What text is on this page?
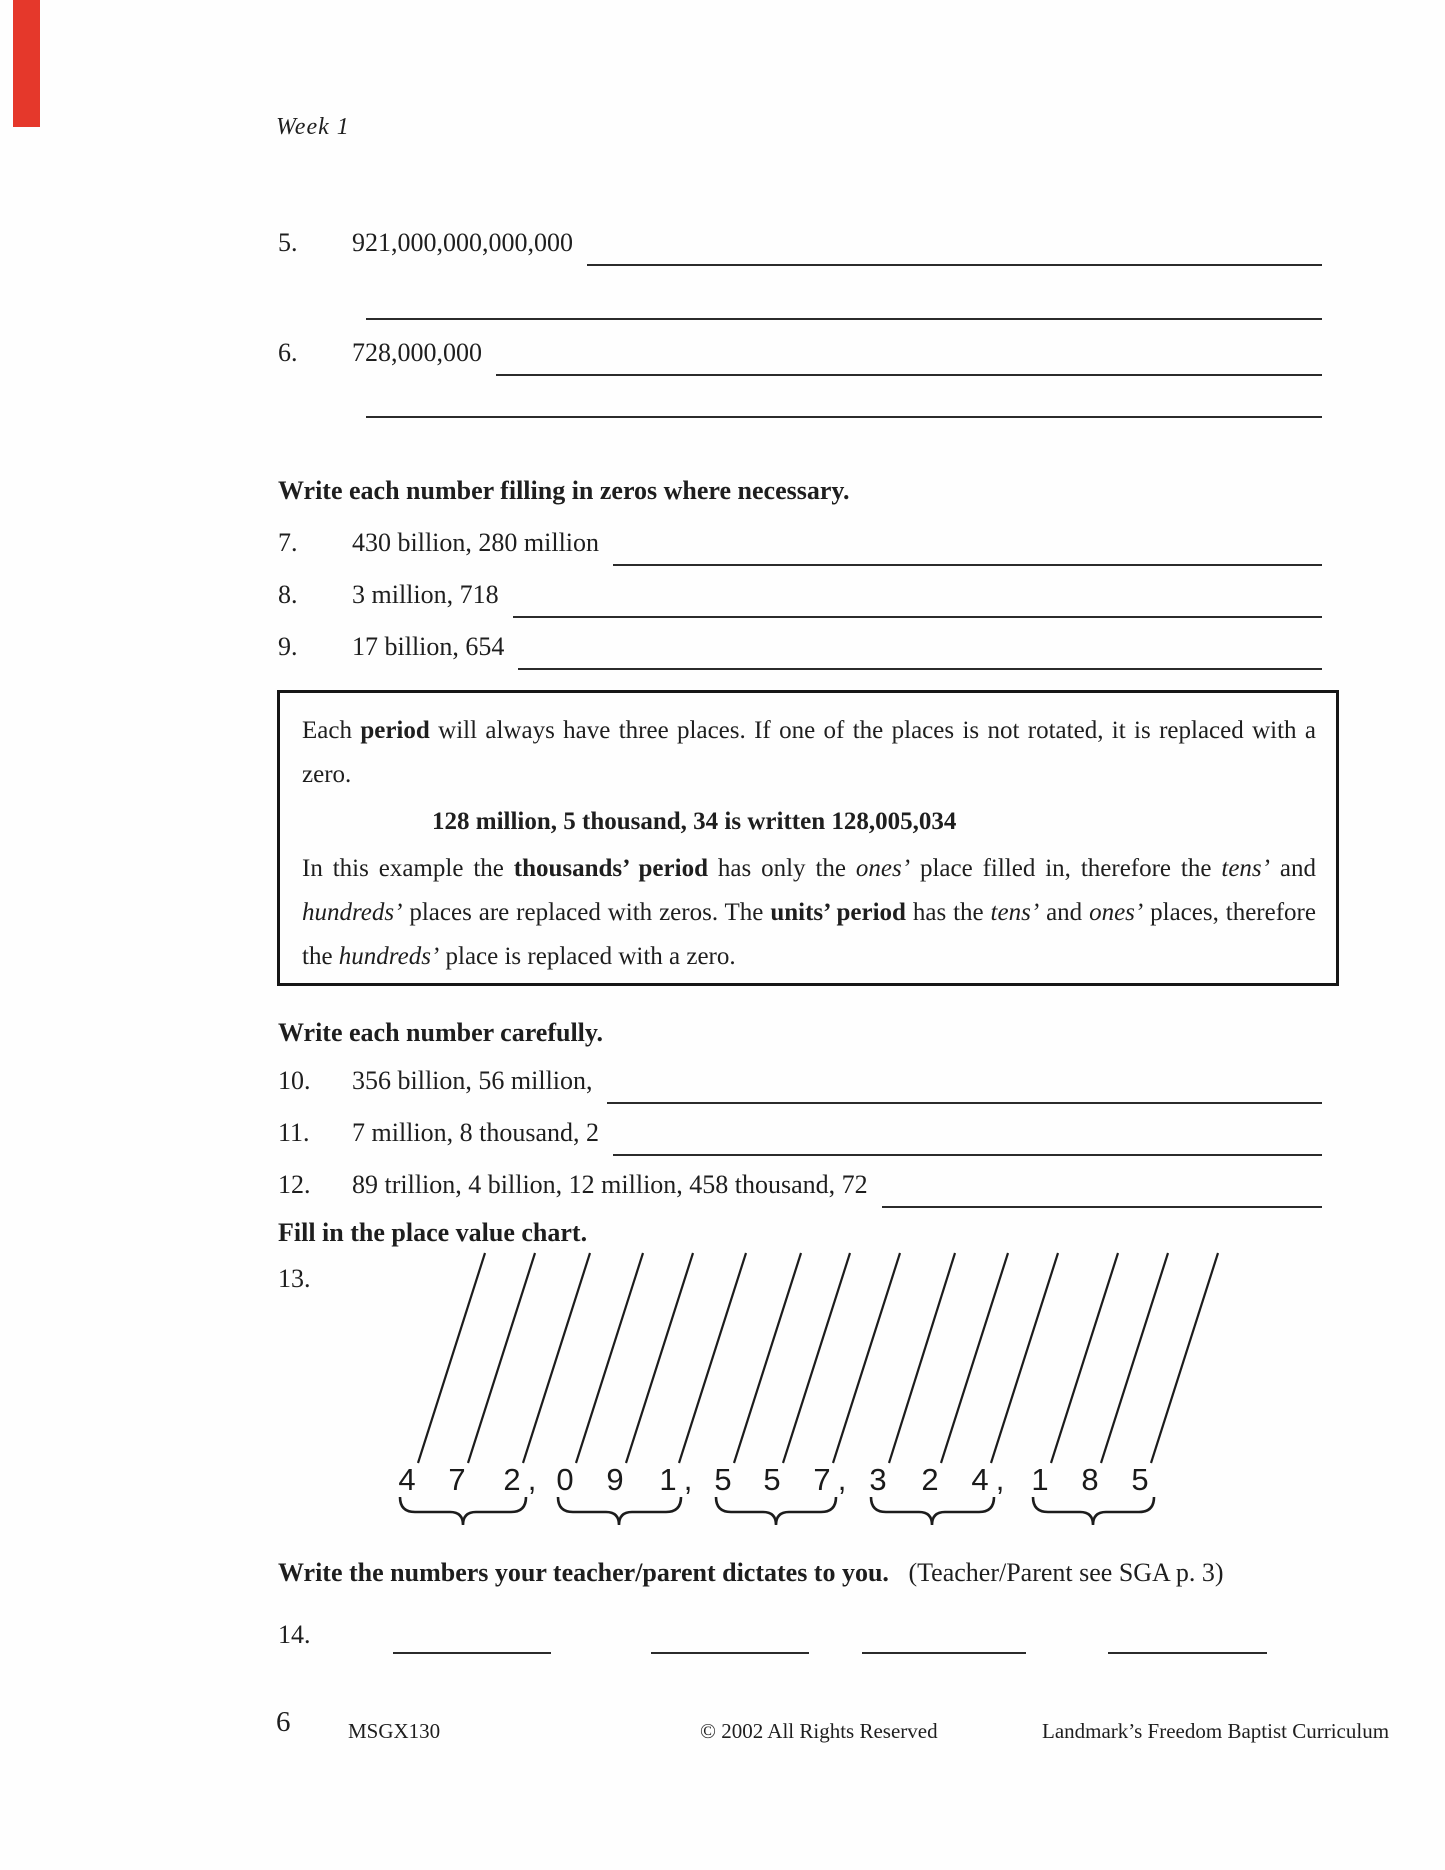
Week 1
5.	921,000,000,000,000
6.	728,000,000
Write each number filling in zeros where necessary.
7.	430 billion, 280 million
8.	3 million, 718
9.	17 billion, 654

Each period will always have three places. If one of the places is not rotated, it is replaced with a zero.

128 million, 5 thousand, 34 is written 128,005,034

In this example the thousands’ period has only the ones’ place filled in, therefore the tens’ and hundreds’ places are replaced with zeros. The units’ period has the tens’ and ones’ places, therefore the hundreds’ place is replaced with a zero.

Write each number carefully.
10.	356 billion, 56 million,
11.	7 million, 8 thousand, 2
12.	89 trillion, 4 billion, 12 million, 458 thousand, 72
Fill in the place value chart.
13.
4 7 2 , 0 9 1 , 5 5 7 , 3 2 4 , 1 8 5
Write the numbers your teacher/parent dictates to you. (Teacher/Parent see SGA p. 3)
14.
6	MSGX130	© 2002 All Rights Reserved	Landmark’s Freedom Baptist Curriculum
